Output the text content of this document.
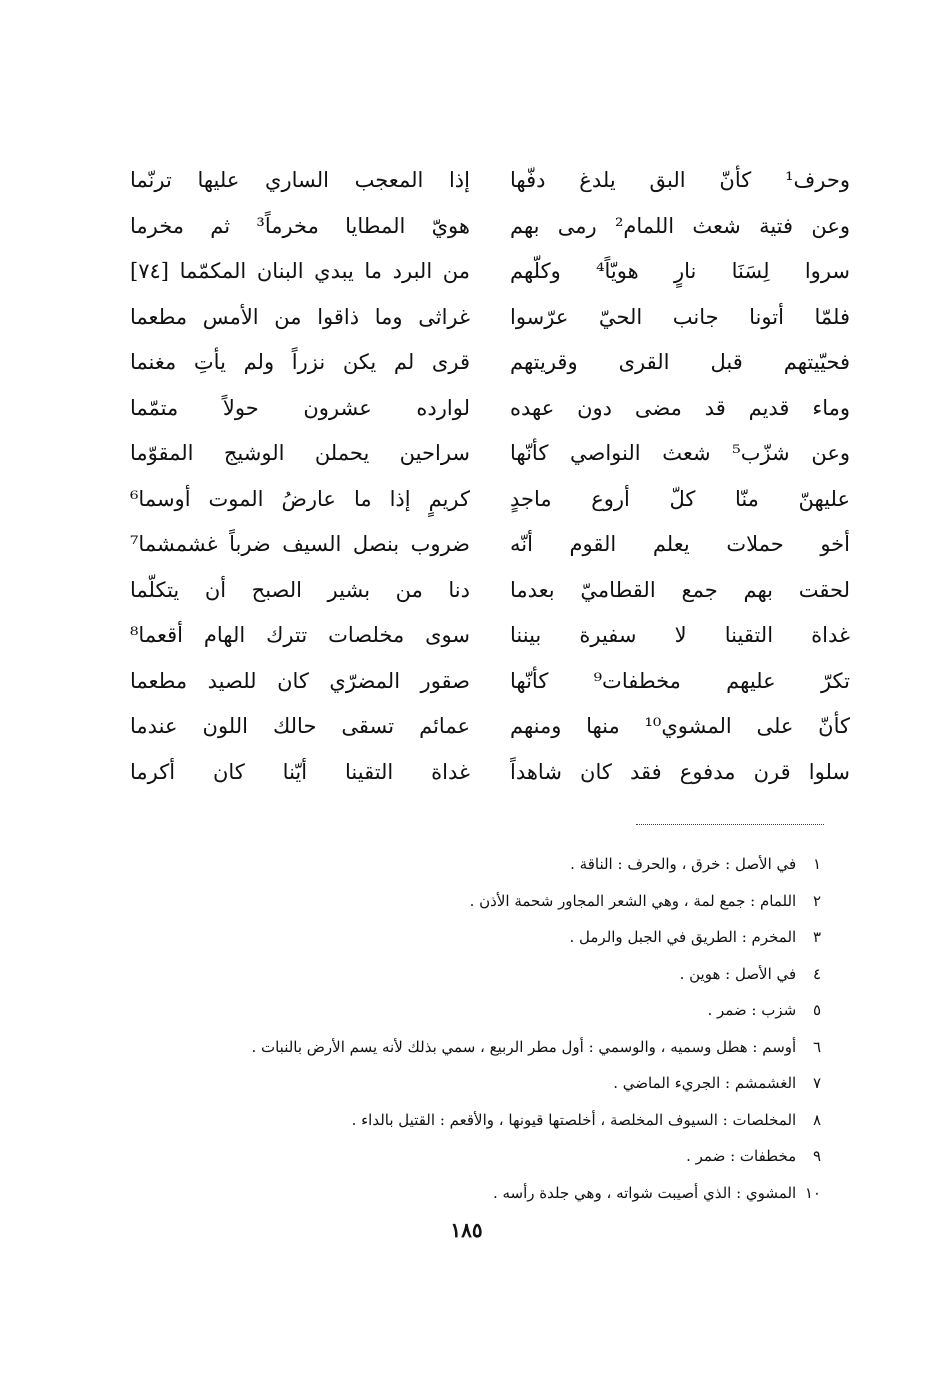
وحرف¹ كأنّ البق يلدغ دفّها
إذا المعجب الساري عليها ترنّما
وعن فتية شعث اللمام² رمى بهم
هويّ المطايا مخرماً³ ثم مخرما
سروا لِسَنَا نارٍ هويّاً⁴ وكلّهم
من البرد ما يبدي البنان المكمّما [٧٤]
فلمّا أتونا جانب الحيّ عرّسوا
غراثى وما ذاقوا من الأمس مطعما
فحيّيتهم قبل القرى وقريتهم
قرى لم يكن نزراً ولم يأتِ مغنما
وماء قديم قد مضى دون عهده
لوارده عشرون حولاً متمّما
وعن شزّب⁵ شعث النواصي كأنّها
سراحين يحملن الوشيج المقوّما
عليهنّ منّا كلّ أروع ماجدٍ
كريمٍ إذا ما عارضُ الموت أوسما⁶
أخو حملات يعلم القوم أنّه
ضروب بنصل السيف ضرباً غشمشما⁷
لحقت بهم جمع القطاميّ بعدما
دنا من بشير الصبح أن يتكلّما
غداة التقينا لا سفيرة بيننا
سوى مخلصات تترك الهام أقعما⁸
تكرّ عليهم مخطفات⁹ كأنّها
صقور المضرّي كان للصيد مطعما
كأنّ على المشوي¹⁰ منها ومنهم
عمائم تسقى حالك اللون عندما
سلوا قرن مدفوع فقد كان شاهداً
غداة التقينا أيّنا كان أكرما
١ في الأصل : خرق ، والحرف : الناقة .
٢ اللمام : جمع لمة ، وهي الشعر المجاور شحمة الأذن .
٣ المخرم : الطريق في الجبل والرمل .
٤ في الأصل : هوين .
٥ شزب : ضمر .
٦ أوسم : هطل وسميه ، والوسمي : أول مطر الربيع ، سمي بذلك لأنه يسم الأرض بالنبات .
٧ الغشمشم : الجريء الماضي .
٨ المخلصات : السيوف المخلصة ، أخلصتها قيونها ، والأقعم : القتيل بالداء .
٩ مخطفات : ضمر .
١٠ المشوي : الذي أصيبت شواته ، وهي جلدة رأسه .
١٨٥
